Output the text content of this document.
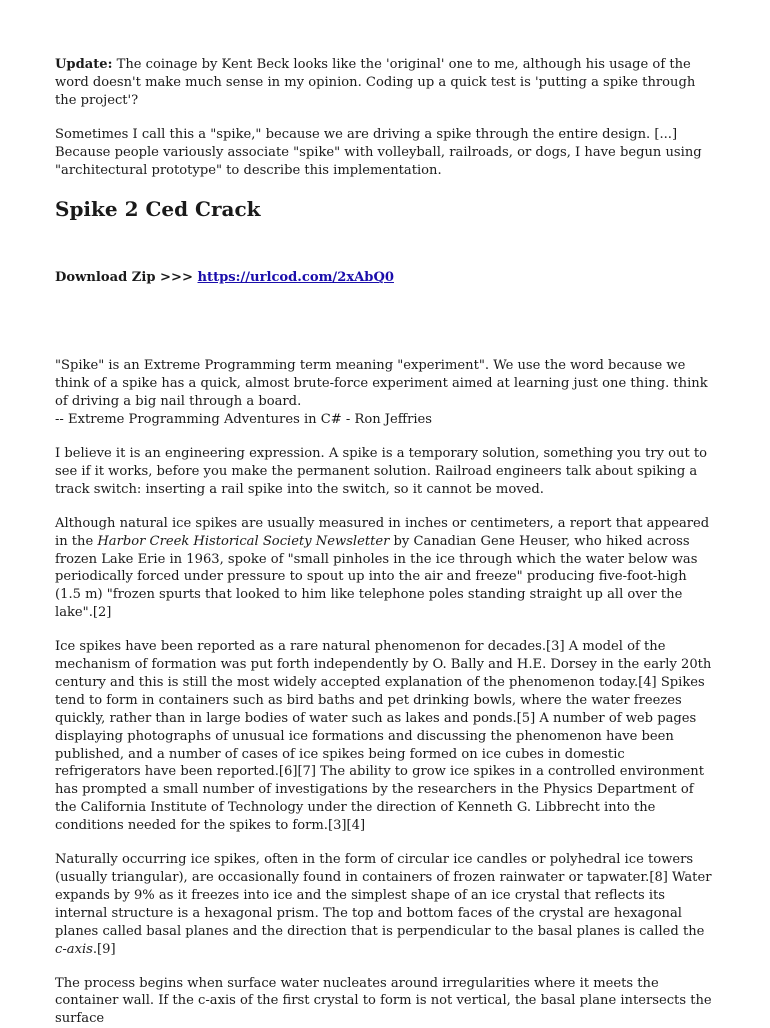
Update: The coinage by Kent Beck looks like the 'original' one to me, although his usage of the word doesn't make much sense in my opinion. Coding up a quick test is 'putting a spike through the project'?

Sometimes I call this a "spike," because we are driving a spike through the entire design. [...] Because people variously associate "spike" with volleyball, railroads, or dogs, I have begun using "architectural prototype" to describe this implementation.

Spike 2 Ced Crack

Download Zip >>> https://urlcod.com/2xAbQ0

"Spike" is an Extreme Programming term meaning "experiment". We use the word because we think of a spike has a quick, almost brute-force experiment aimed at learning just one thing. think of driving a big nail through a board.
-- Extreme Programming Adventures in C# - Ron Jeffries

I believe it is an engineering expression. A spike is a temporary solution, something you try out to see if it works, before you make the permanent solution. Railroad engineers talk about spiking a track switch: inserting a rail spike into the switch, so it cannot be moved.

Although natural ice spikes are usually measured in inches or centimeters, a report that appeared in the Harbor Creek Historical Society Newsletter by Canadian Gene Heuser, who hiked across frozen Lake Erie in 1963, spoke of "small pinholes in the ice through which the water below was periodically forced under pressure to spout up into the air and freeze" producing five-foot-high (1.5 m) "frozen spurts that looked to him like telephone poles standing straight up all over the lake".[2]

Ice spikes have been reported as a rare natural phenomenon for decades.[3] A model of the mechanism of formation was put forth independently by O. Bally and H.E. Dorsey in the early 20th century and this is still the most widely accepted explanation of the phenomenon today.[4] Spikes tend to form in containers such as bird baths and pet drinking bowls, where the water freezes quickly, rather than in large bodies of water such as lakes and ponds.[5] A number of web pages displaying photographs of unusual ice formations and discussing the phenomenon have been published, and a number of cases of ice spikes being formed on ice cubes in domestic refrigerators have been reported.[6][7] The ability to grow ice spikes in a controlled environment has prompted a small number of investigations by the researchers in the Physics Department of the California Institute of Technology under the direction of Kenneth G. Libbrecht into the conditions needed for the spikes to form.[3][4]

Naturally occurring ice spikes, often in the form of circular ice candles or polyhedral ice towers (usually triangular), are occasionally found in containers of frozen rainwater or tapwater.[8] Water expands by 9% as it freezes into ice and the simplest shape of an ice crystal that reflects its internal structure is a hexagonal prism. The top and bottom faces of the crystal are hexagonal planes called basal planes and the direction that is perpendicular to the basal planes is called the c-axis.[9]

The process begins when surface water nucleates around irregularities where it meets the container wall. If the c-axis of the first crystal to form is not vertical, the basal plane intersects the surface
